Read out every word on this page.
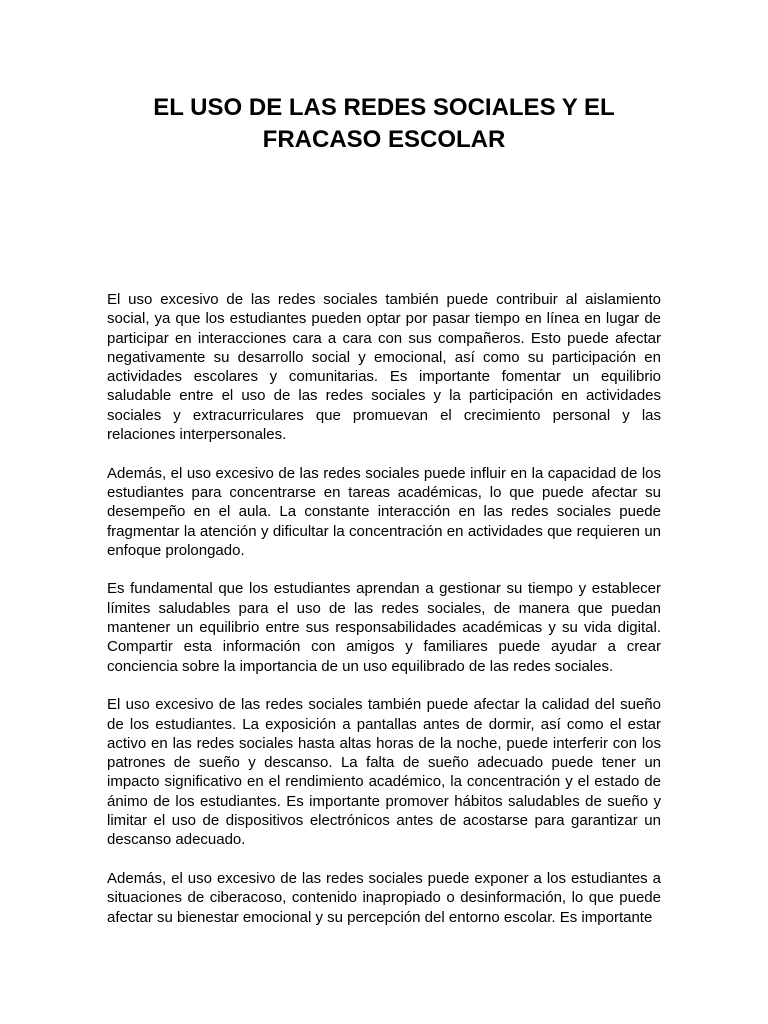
EL USO DE LAS REDES SOCIALES Y EL
FRACASO ESCOLAR

El uso excesivo de las redes sociales también puede contribuir al aislamiento social, ya que los estudiantes pueden optar por pasar tiempo en línea en lugar de participar en interacciones cara a cara con sus compañeros. Esto puede afectar negativamente su desarrollo social y emocional, así como su participación en actividades escolares y comunitarias. Es importante fomentar un equilibrio saludable entre el uso de las redes sociales y la participación en actividades sociales y extracurriculares que promuevan el crecimiento personal y las relaciones interpersonales.

Además, el uso excesivo de las redes sociales puede influir en la capacidad de los estudiantes para concentrarse en tareas académicas, lo que puede afectar su desempeño en el aula. La constante interacción en las redes sociales puede fragmentar la atención y dificultar la concentración en actividades que requieren un enfoque prolongado.

Es fundamental que los estudiantes aprendan a gestionar su tiempo y establecer límites saludables para el uso de las redes sociales, de manera que puedan mantener un equilibrio entre sus responsabilidades académicas y su vida digital. Compartir esta información con amigos y familiares puede ayudar a crear conciencia sobre la importancia de un uso equilibrado de las redes sociales.

El uso excesivo de las redes sociales también puede afectar la calidad del sueño de los estudiantes. La exposición a pantallas antes de dormir, así como el estar activo en las redes sociales hasta altas horas de la noche, puede interferir con los patrones de sueño y descanso. La falta de sueño adecuado puede tener un impacto significativo en el rendimiento académico, la concentración y el estado de ánimo de los estudiantes. Es importante promover hábitos saludables de sueño y limitar el uso de dispositivos electrónicos antes de acostarse para garantizar un descanso adecuado.

Además, el uso excesivo de las redes sociales puede exponer a los estudiantes a situaciones de ciberacoso, contenido inapropiado o desinformación, lo que puede afectar su bienestar emocional y su percepción del entorno escolar. Es importante
